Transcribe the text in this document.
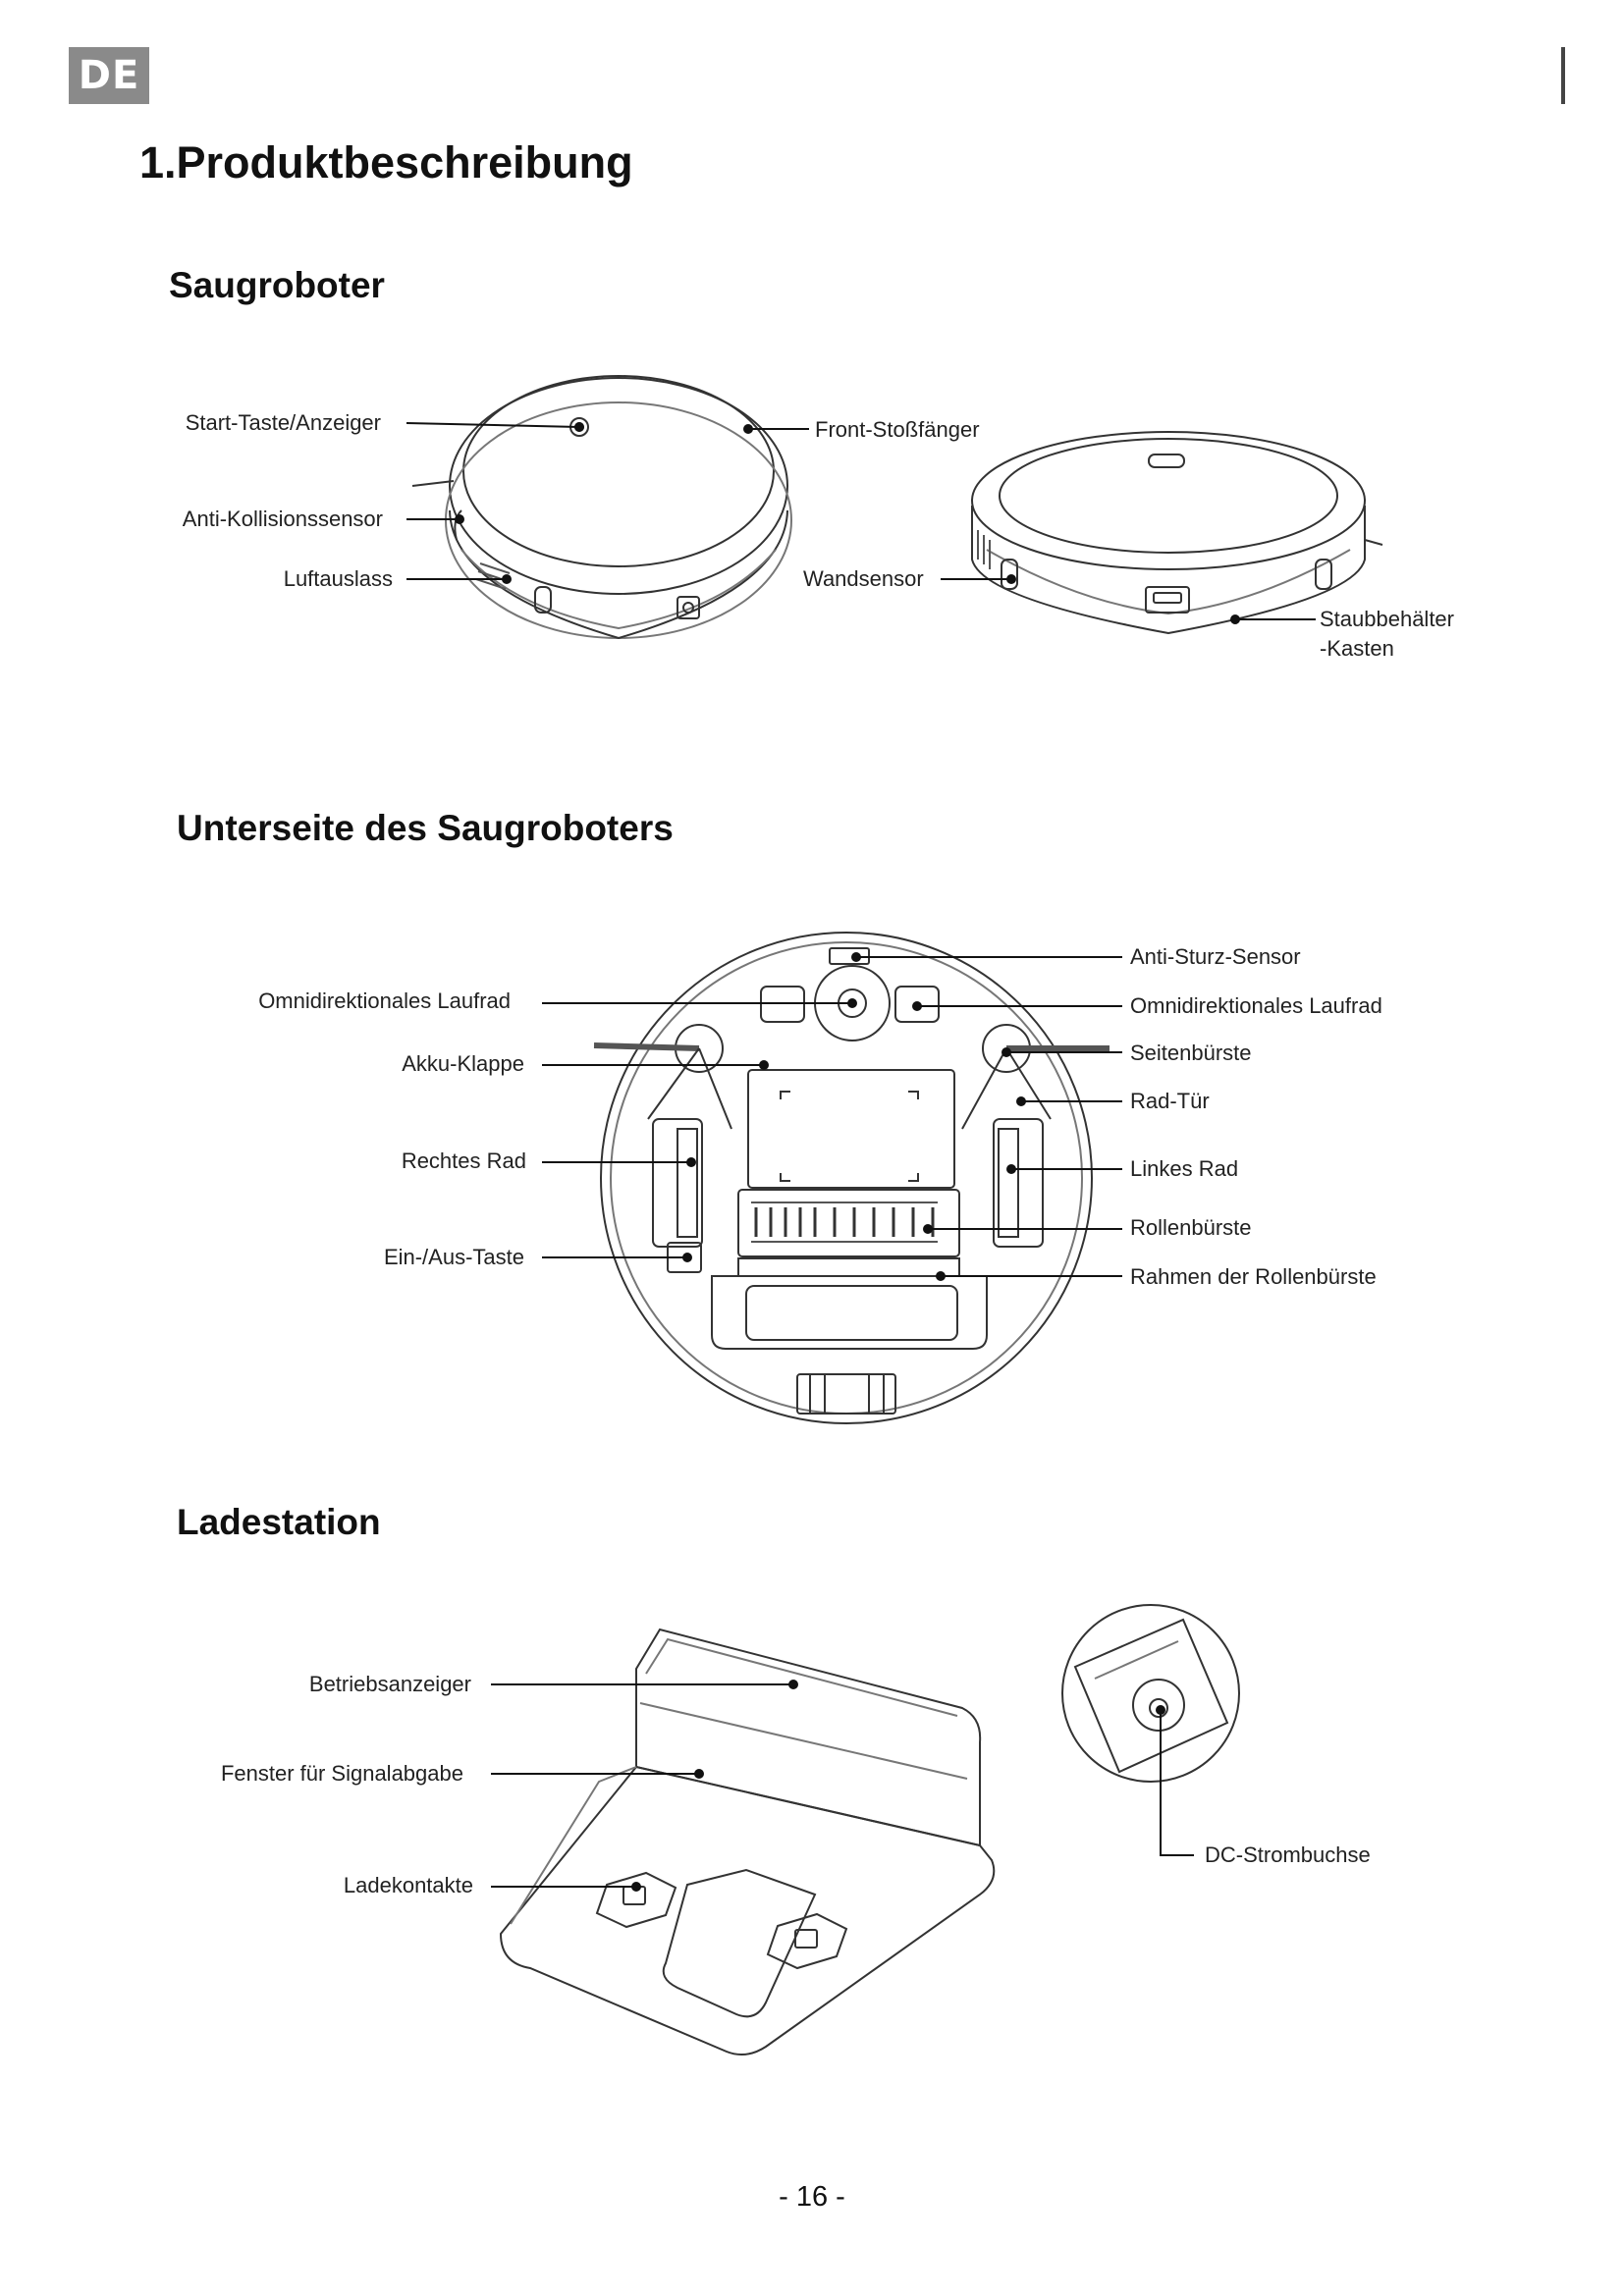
DE
1.Produktbeschreibung
Saugroboter
Start-Taste/Anzeiger
Anti-Kollisionssensor
Luftauslass
Front-Stoßfänger
Wandsensor
Staubbehälter
-Kasten
Unterseite des Saugroboters
Omnidirektionales Laufrad
Akku-Klappe
Rechtes Rad
Ein-/Aus-Taste
Anti-Sturz-Sensor
Omnidirektionales Laufrad
Seitenbürste
Rad-Tür
Linkes Rad
Rollenbürste
Rahmen der Rollenbürste
Ladestation
Betriebsanzeiger
Fenster für Signalabgabe
Ladekontakte
DC-Strombuchse
- 16 -
